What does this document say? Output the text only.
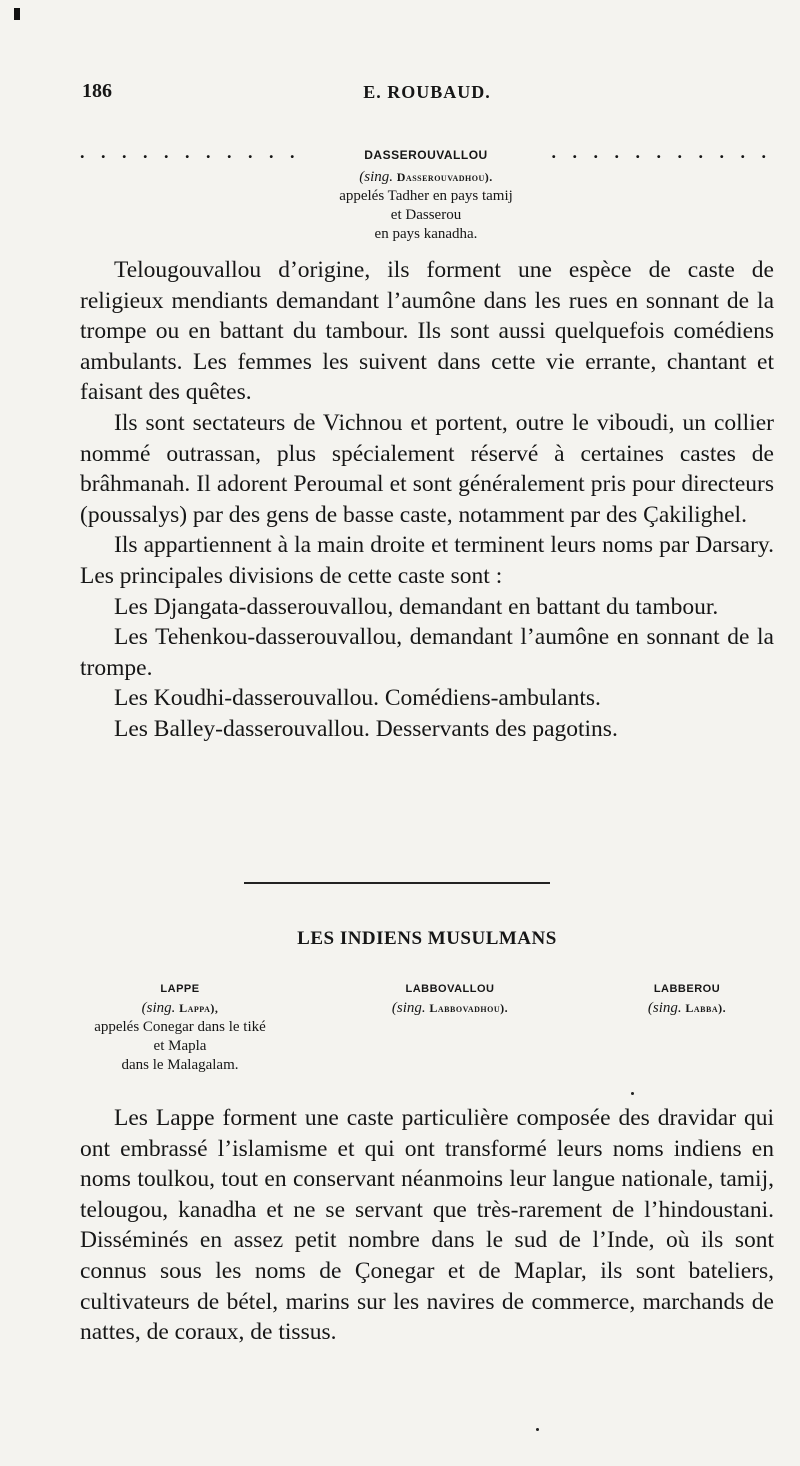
186	E. ROUBAUD.
. . . . . . . . . . .	. . . . . . . . . . .
DASSEROUVALLOU
(sing. Dasserouvadhou).
appelés Tadher en pays tamij
et Dasserou
en pays kanadha.

Telougouvallou d’origine, ils forment une espèce de caste de religieux mendiants demandant l’aumône dans les rues en sonnant de la trompe ou en battant du tambour. Ils sont aussi quelquefois comédiens ambulants. Les femmes les suivent dans cette vie errante, chantant et faisant des quêtes.

Ils sont sectateurs de Vichnou et portent, outre le viboudi, un collier nommé outrassan, plus spécialement réservé à certaines castes de brâhmanah. Il adorent Peroumal et sont généralement pris pour directeurs (poussalys) par des gens de basse caste, notamment par des Çakilighel.

Ils appartiennent à la main droite et terminent leurs noms par Darsary. Les principales divisions de cette caste sont :

Les Djangata-dasserouvallou, demandant en battant du tambour.

Les Tehenkou-dasserouvallou, demandant l’aumône en sonnant de la trompe.

Les Koudhi-dasserouvallou. Comédiens-ambulants.

Les Balley-dasserouvallou. Desservants des pagotins.

LES INDIENS MUSULMANS
LAPPE
(sing. Lappa),
appelés Conegar dans le tiké
et Mapla
dans le Malagalam.
LABBOVALLOU
(sing. Labbovadhou).
LABBEROU
(sing. Labba).

Les Lappe forment une caste particulière composée des dravidar qui ont embrassé l’islamisme et qui ont transformé leurs noms indiens en noms toulkou, tout en conservant néanmoins leur langue nationale, tamij, telougou, kanadha et ne se servant que très-rarement de l’hindoustani. Disséminés en assez petit nombre dans le sud de l’Inde, où ils sont connus sous les noms de Çonegar et de Maplar, ils sont bateliers, cultivateurs de bétel, marins sur les navires de commerce, marchands de nattes, de coraux, de tissus.
